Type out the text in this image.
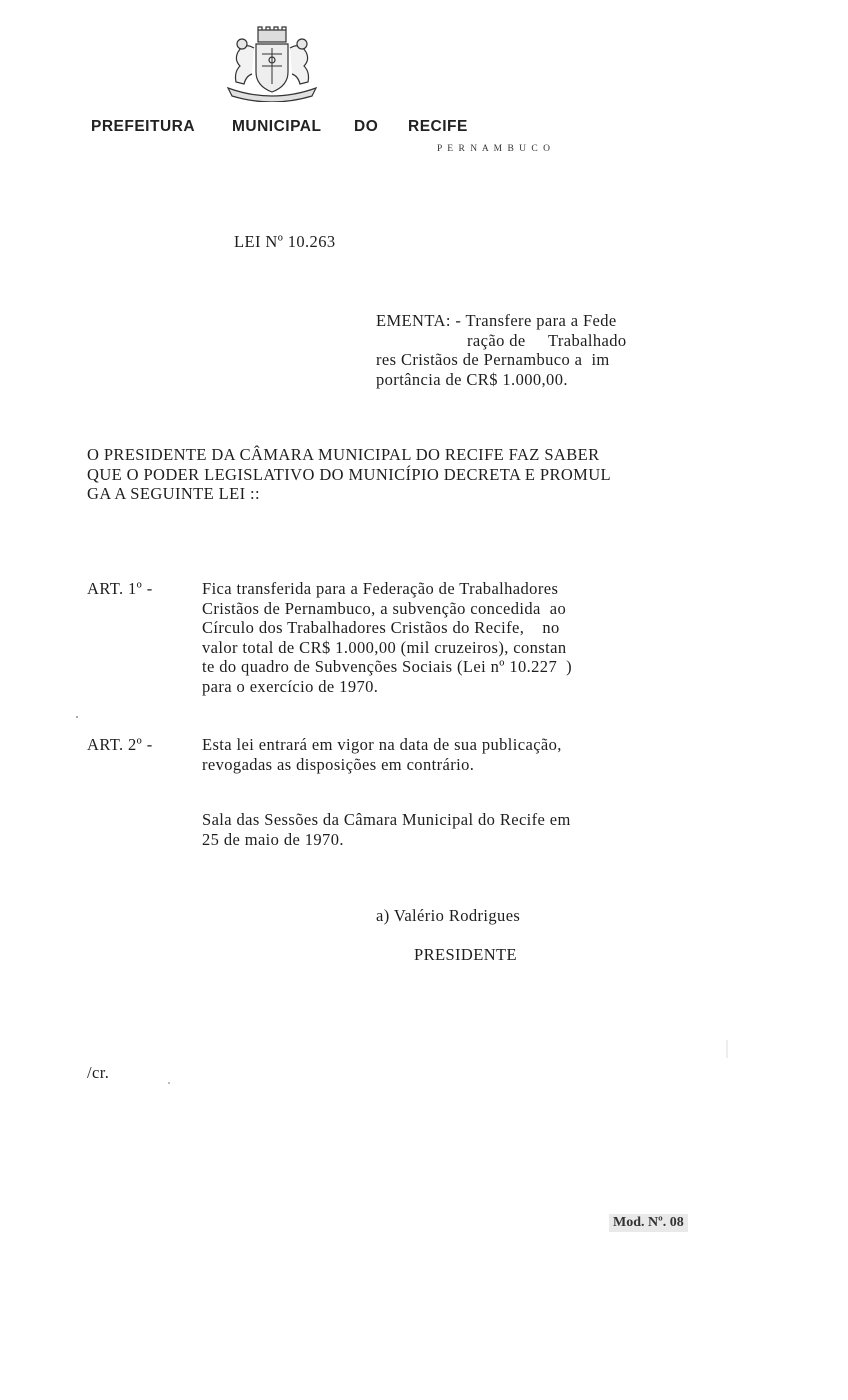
PREFEITURA MUNICIPAL DO RECIFE
P E R N A M B U C O
LEI Nº 10.263
EMENTA: - Transfere para a Fede
ração de     Trabalhado
res Cristãos de Pernambuco a  im
portância de CR$ 1.000,00.
O PRESIDENTE DA CÂMARA MUNICIPAL DO RECIFE FAZ SABER
QUE O PODER LEGISLATIVO DO MUNICÍPIO DECRETA E PROMUL
GA A SEGUINTE LEI ::
ART. 1º -	Fica transferida para a Federação de Trabalhadores
Cristãos de Pernambuco, a subvenção concedida  ao
Círculo dos Trabalhadores Cristãos do Recife,    no
valor total de CR$ 1.000,00 (mil cruzeiros), constan
te do quadro de Subvenções Sociais (Lei nº 10.227  )
para o exercício de 1970.
ART. 2º -	Esta lei entrará em vigor na data de sua publicação,
revogadas as disposições em contrário.
Sala das Sessões da Câmara Municipal do Recife em
25 de maio de 1970.
a) Valério Rodrigues
PRESIDENTE
/cr.
Mod. Nº. 08
